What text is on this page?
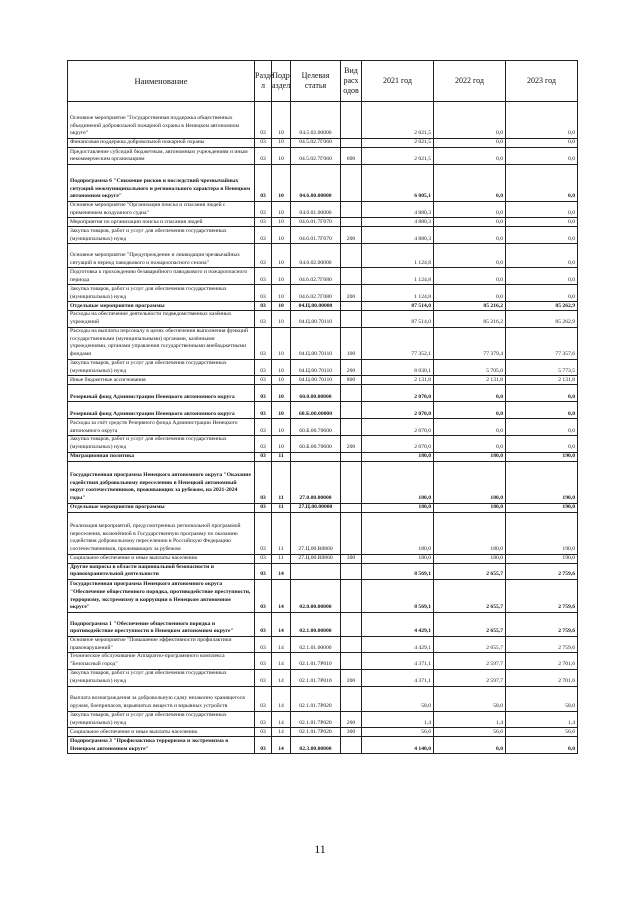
Наименование	Разде л	Подр аздел	Целевая статья	Вид расх одов	2021 год	2022 год	2023 год
Основное мероприятие "Государственная поддержка общественных объединений добровольной пожарной охраны в Ненецком автономном округе"	03	10	04.5.02.00000		2 021,5	0,0	0,0
Финансовая поддержка добровольной пожарной охраны	03	10	04.5.02.7Г060		2 021,5	0,0	0,0
Предоставление субсидий бюджетным, автономным учреждениям и иным некоммерческим организациям	03	10	04.5.02.7Г060	600	2 021,5	0,0	0,0
Подпрограмма 6 "Снижение рисков и последствий чрезвычайных ситуаций межмуниципального и регионального характера в Ненецком автономном округе"	03	10	04.6.00.00000		6 005,1	0,0	0,0
Основное мероприятие "Организация поиска и спасания людей с применением воздушного судна"	03	10	04.6.01.00000		4 880,3	0,0	0,0
Мероприятия по организации поиска и спасания людей	03	10	04.6.01.7Г070		4 880,3	0,0	0,0
Закупка товаров, работ и услуг для обеспечения государственных (муниципальных) нужд	03	10	04.6.01.7Г070	200	4 880,3	0,0	0,0
Основное мероприятие "Предупреждение и ликвидация чрезвычайных ситуаций в период паводкового и пожароопасного сезона"	03	10	04.6.02.00000		1 124,8	0,0	0,0
Подготовка к прохождению безаварийного паводкового и пожароопасного периода	03	10	04.6.02.7Г080		1 124,8	0,0	0,0
Закупка товаров, работ и услуг для обеспечения государственных (муниципальных) нужд	03	10	04.6.02.7Г080	200	1 124,8	0,0	0,0
Отдельные мероприятия программы	03	10	04.Ц.00.00000		87 514,0	85 216,2	85 262,9
Расходы на обеспечение деятельности подведомственных казённых учреждений	03	10	04.Ц.00.70110		87 514,0	85 216,2	85 262,9
Расходы на выплаты персоналу в целях обеспечения выполнения функций государственными (муниципальными) органами, казёнными учреждениями, органами управления государственными внебюджетными фондами	03	10	04.Ц.00.70110	100	77 352,1	77 379,4	77 357,6
Закупка товаров, работ и услуг для обеспечения государственных (муниципальных) нужд	03	10	04.Ц.00.70110	200	8 030,1	5 705,0	5 773,5
Иные бюджетные ассигнования	03	10	04.Ц.00.70110	800	2 131,8	2 131,8	2 131,8
Резервный фонд Администрации Ненецкого автономного округа	03	10	60.0.00.00000		2 070,0	0,0	0,0
Резервный фонд Администрации Ненецкого автономного округа	03	10	60.Б.00.00000		2 070,0	0,0	0,0
Расходы за счёт средств Резервного фонда Администрации Ненецкого автономного округа	03	10	60.Б.00.70600		2 070,0	0,0	0,0
Закупка товаров, работ и услуг для обеспечения государственных (муниципальных) нужд	03	10	60.Б.00.70600	200	2 070,0	0,0	0,0
Миграционная политика	03	11			180,0	180,0	190,0
Государственная программа Ненецкого автономного округа "Оказание содействия добровольному переселению в Ненецкий автономный округ соотечественников, проживающих за рубежом, на 2021-2024 годы"	03	11	27.0.00.00000		180,0	180,0	190,0
Отдельные мероприятия программы	03	11	27.Ц.00.00000		180,0	180,0	190,0
Реализация мероприятий, предусмотренных региональной программой переселения, включённой в Государственную программу по оказанию содействия добровольному переселению в Российскую Федерацию соотечественников, проживающих за рубежом	03	11	27.Ц.00.R0860		180,0	180,0	190,0
Социальное обеспечение и иные выплаты населению	03	11	27.Ц.00.R0860	300	180,0	180,0	190,0
Другие вопросы в области национальной безопасности и правоохранительной деятельности	03	14			8 569,1	2 655,7	2 759,6
Государственная программа Ненецкого автономного округа "Обеспечение общественного порядка, противодействие преступности, терроризму, экстремизму и коррупции в Ненецком автономном округе"	03	14	02.0.00.00000		8 569,1	2 655,7	2 759,6
Подпрограмма 1 "Обеспечение общественного порядка и противодействие преступности в Ненецком автономном округе"	03	14	02.1.00.00000		4 429,1	2 655,7	2 759,6
Основное мероприятие "Повышение эффективности профилактики правонарушений"	03	14	02.1.01.00000		4 429,1	2 655,7	2 759,6
Техническое обслуживание Аппаратно-программного комплекса "Безопасный город"	03	14	02.1.01.7Р010		4 371,1	2 597,7	2 701,6
Закупка товаров, работ и услуг для обеспечения государственных (муниципальных) нужд	03	14	02.1.01.7Р010	200	4 371,1	2 597,7	2 701,6
Выплата вознаграждения за добровольную сдачу незаконно хранящегося оружия, боеприпасов, взрывчатых веществ и взрывных устройств	03	14	02.1.01.7Р020		58,0	58,0	58,0
Закупка товаров, работ и услуг для обеспечения государственных (муниципальных) нужд	03	14	02.1.01.7Р020	200	1,4	1,4	1,4
Социальное обеспечение и иные выплаты населению	03	14	02.1.01.7Р020	300	56,6	56,6	56,6
Подпрограмма 3 "Профилактика терроризма и экстремизма в Ненецком автономном округе"	03	14	02.3.00.00000		4 140,0	0,0	0,0
11
